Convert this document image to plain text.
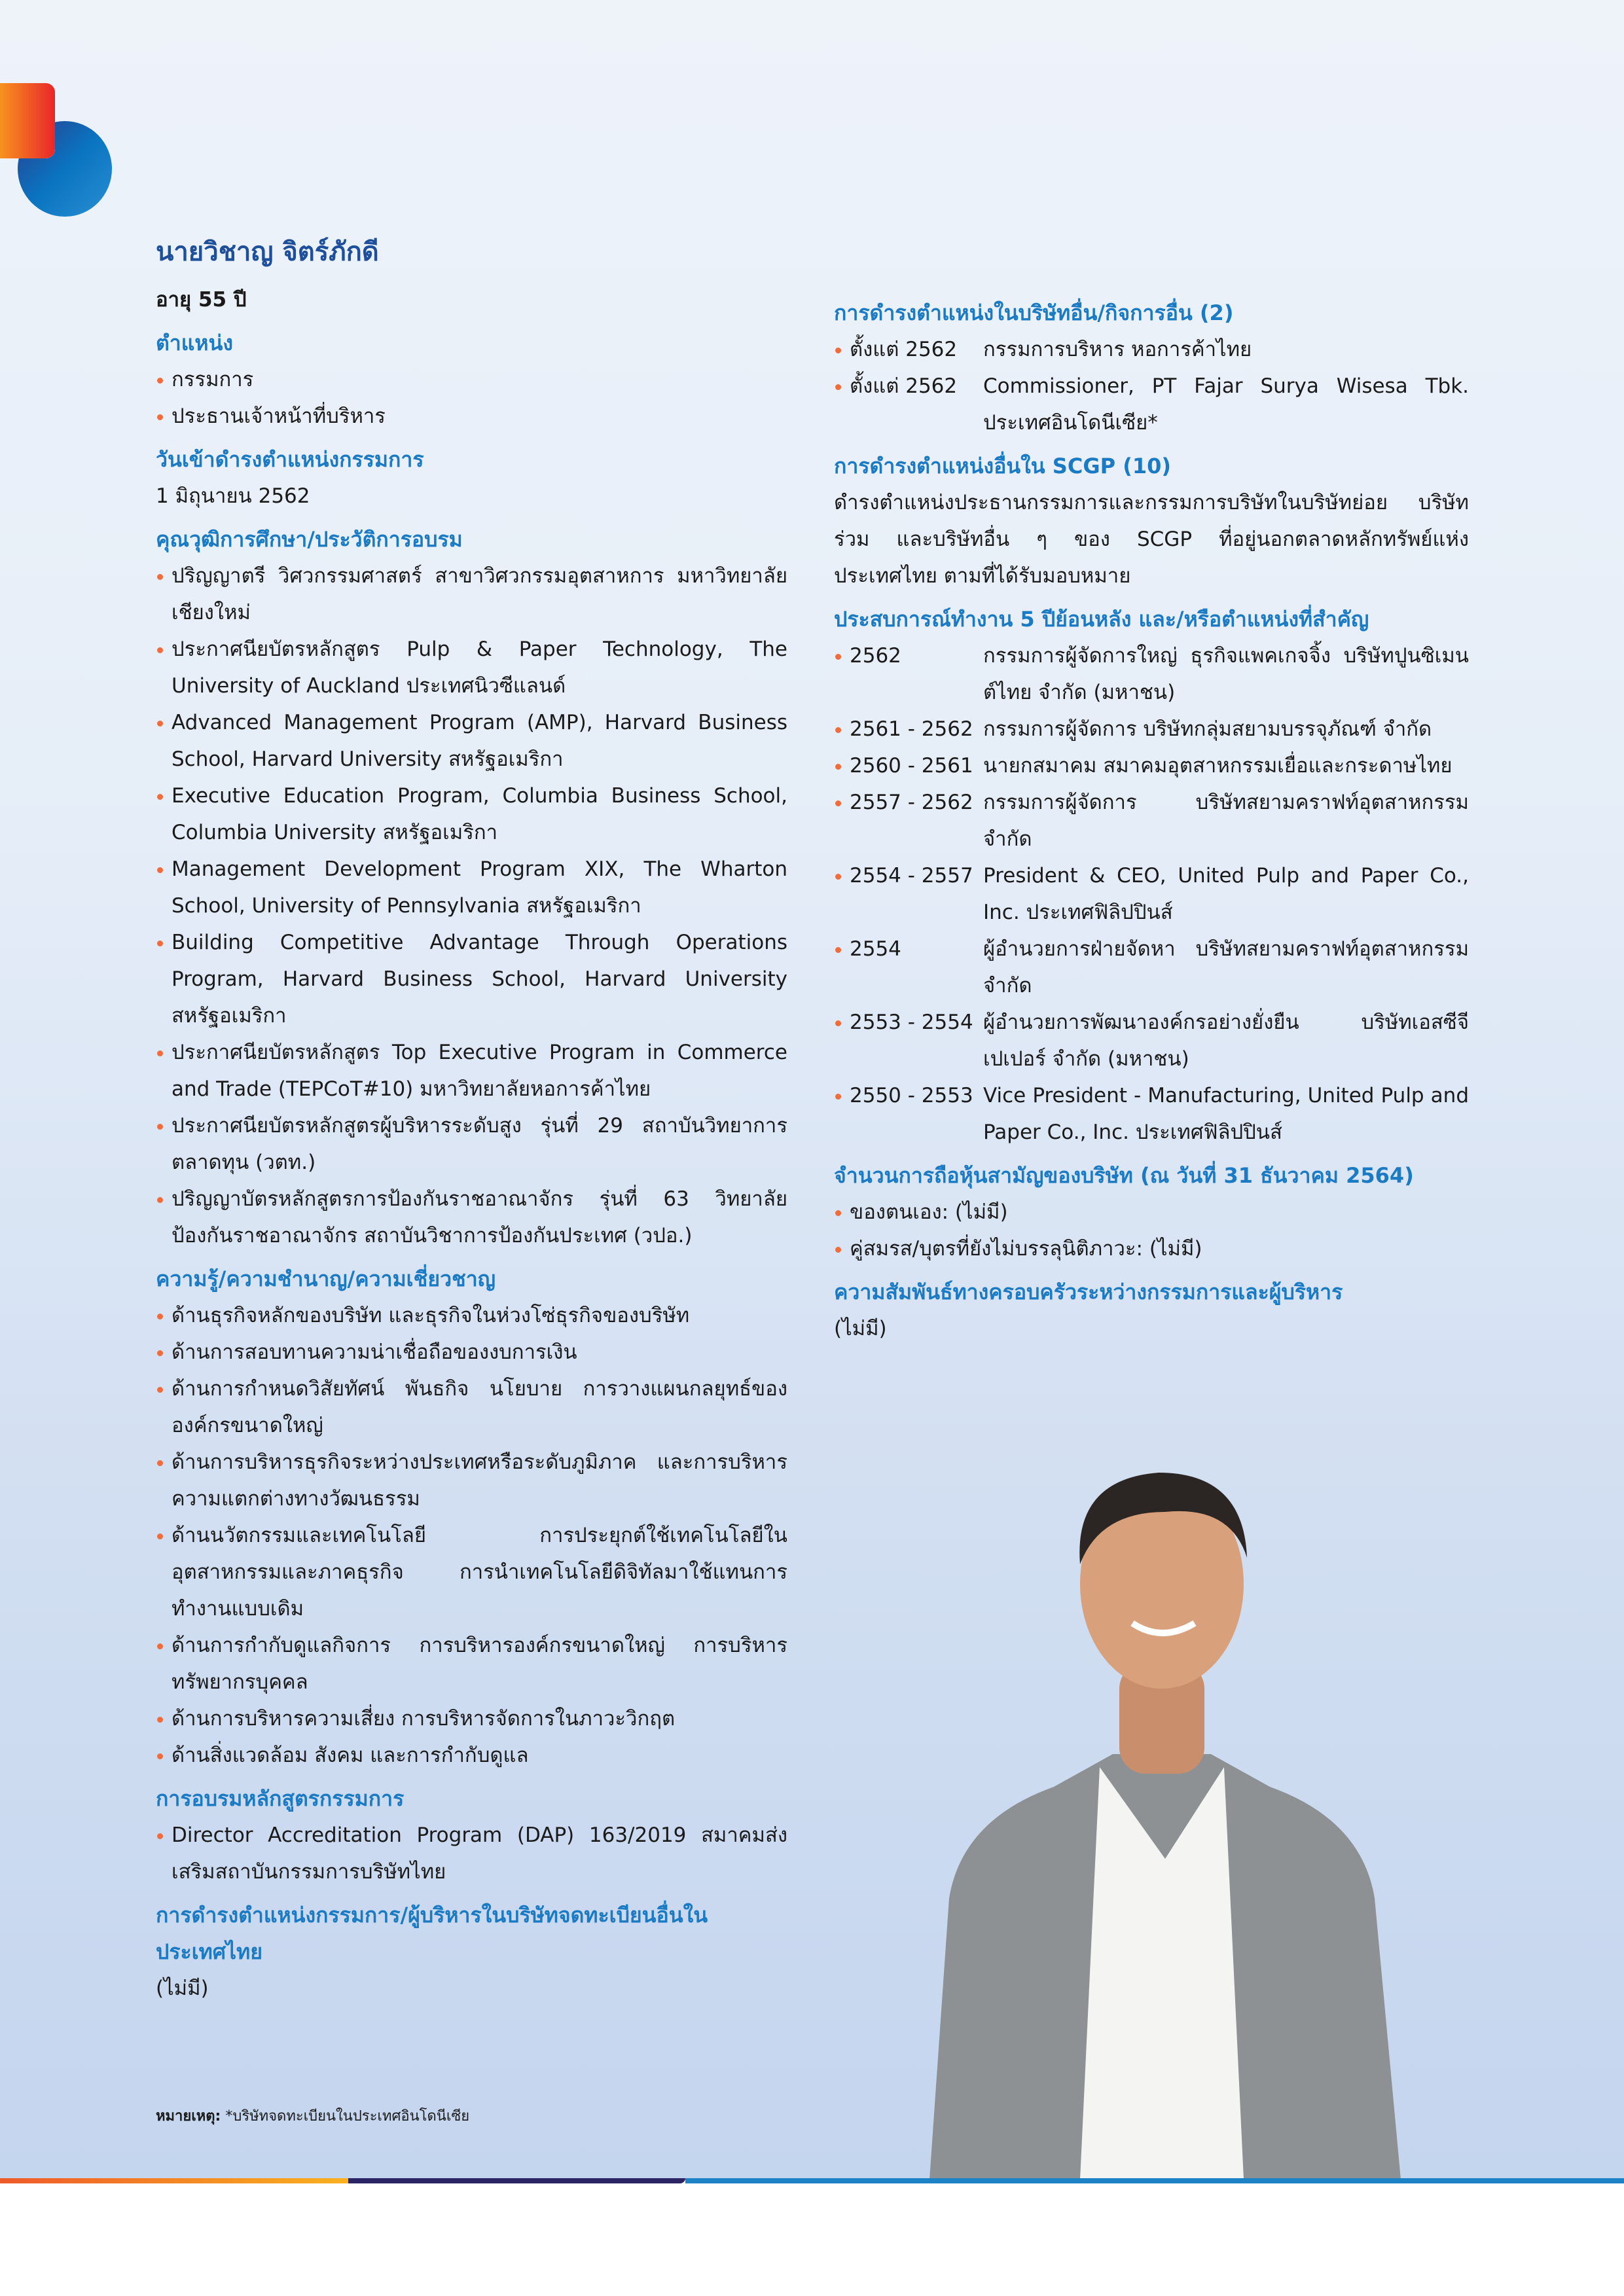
นายวิชาญ จิตร์ภักดี
อายุ 55 ปี
ตำแหน่ง
กรรมการ
ประธานเจ้าหน้าที่บริหาร
วันเข้าดำรงตำแหน่งกรรมการ

1 มิถุนายน 2562

คุณวุฒิการศึกษา/ประวัติการอบรม
ปริญญาตรี วิศวกรรมศาสตร์ สาขาวิศวกรรมอุตสาหการ มหาวิทยาลัยเชียงใหม่
ประกาศนียบัตรหลักสูตร Pulp & Paper Technology, The University of Auckland ประเทศนิวซีแลนด์
Advanced Management Program (AMP), Harvard Business School, Harvard University สหรัฐอเมริกา
Executive Education Program, Columbia Business School, Columbia University สหรัฐอเมริกา
Management Development Program XIX, The Wharton School, University of Pennsylvania สหรัฐอเมริกา
Building Competitive Advantage Through Operations Program, Harvard Business School, Harvard University สหรัฐอเมริกา
ประกาศนียบัตรหลักสูตร Top Executive Program in Commerce and Trade (TEPCoT#10) มหาวิทยาลัยหอการค้าไทย
ประกาศนียบัตรหลักสูตรผู้บริหารระดับสูง รุ่นที่ 29 สถาบันวิทยาการตลาดทุน (วตท.)
ปริญญาบัตรหลักสูตรการป้องกันราชอาณาจักร รุ่นที่ 63 วิทยาลัยป้องกันราชอาณาจักร สถาบันวิชาการป้องกันประเทศ (วปอ.)
ความรู้/ความชำนาญ/ความเชี่ยวชาญ
ด้านธุรกิจหลักของบริษัท และธุรกิจในห่วงโซ่ธุรกิจของบริษัท
ด้านการสอบทานความน่าเชื่อถือของงบการเงิน
ด้านการกำหนดวิสัยทัศน์ พันธกิจ นโยบาย การวางแผนกลยุทธ์ขององค์กรขนาดใหญ่
ด้านการบริหารธุรกิจระหว่างประเทศหรือระดับภูมิภาค และการบริหารความแตกต่างทางวัฒนธรรม
ด้านนวัตกรรมและเทคโนโลยี การประยุกต์ใช้เทคโนโลยีในอุตสาหกรรมและภาคธุรกิจ การนำเทคโนโลยีดิจิทัลมาใช้แทนการทำงานแบบเดิม
ด้านการกำกับดูแลกิจการ การบริหารองค์กรขนาดใหญ่ การบริหารทรัพยากรบุคคล
ด้านการบริหารความเสี่ยง การบริหารจัดการในภาวะวิกฤต
ด้านสิ่งแวดล้อม สังคม และการกำกับดูแล
การอบรมหลักสูตรกรรมการ
Director Accreditation Program (DAP) 163/2019 สมาคมส่งเสริมสถาบันกรรมการบริษัทไทย
การดำรงตำแหน่งกรรมการ/ผู้บริหารในบริษัทจดทะเบียนอื่นในประเทศไทย

(ไม่มี)

การดำรงตำแหน่งในบริษัทอื่น/กิจการอื่น (2)
ตั้งแต่ 2562	กรรมการบริหาร หอการค้าไทย
ตั้งแต่ 2562	Commissioner, PT Fajar Surya Wisesa Tbk. ประเทศอินโดนีเซีย*
การดำรงตำแหน่งอื่นใน SCGP (10)

ดำรงตำแหน่งประธานกรรมการและกรรมการบริษัทในบริษัทย่อย บริษัทร่วม และบริษัทอื่น ๆ ของ SCGP ที่อยู่นอกตลาดหลักทรัพย์แห่งประเทศไทย ตามที่ได้รับมอบหมาย

ประสบการณ์ทำงาน 5 ปีย้อนหลัง และ/หรือตำแหน่งที่สำคัญ
2562	กรรมการผู้จัดการใหญ่ ธุรกิจแพคเกจจิ้ง บริษัทปูนซิเมนต์ไทย จำกัด (มหาชน)
2561 - 2562 กรรมการผู้จัดการ บริษัทกลุ่มสยามบรรจุภัณฑ์ จำกัด
2560 - 2561 นายกสมาคม สมาคมอุตสาหกรรมเยื่อและกระดาษไทย
2557 - 2562 กรรมการผู้จัดการ บริษัทสยามคราฟท์อุตสาหกรรม จำกัด
2554 - 2557 President & CEO, United Pulp and Paper Co., Inc. ประเทศฟิลิปปินส์
2554	ผู้อำนวยการฝ่ายจัดหา บริษัทสยามคราฟท์อุตสาหกรรม จำกัด
2553 - 2554 ผู้อำนวยการพัฒนาองค์กรอย่างยั่งยืน บริษัทเอสซีจีเปเปอร์ จำกัด (มหาชน)
2550 - 2553 Vice President - Manufacturing, United Pulp and Paper Co., Inc. ประเทศฟิลิปปินส์
จำนวนการถือหุ้นสามัญของบริษัท (ณ วันที่ 31 ธันวาคม 2564)
ของตนเอง: (ไม่มี)
คู่สมรส/บุตรที่ยังไม่บรรลุนิติภาวะ: (ไม่มี)
ความสัมพันธ์ทางครอบครัวระหว่างกรรมการและผู้บริหาร

(ไม่มี)

หมายเหตุ: *บริษัทจดทะเบียนในประเทศอินโดนีเซีย
